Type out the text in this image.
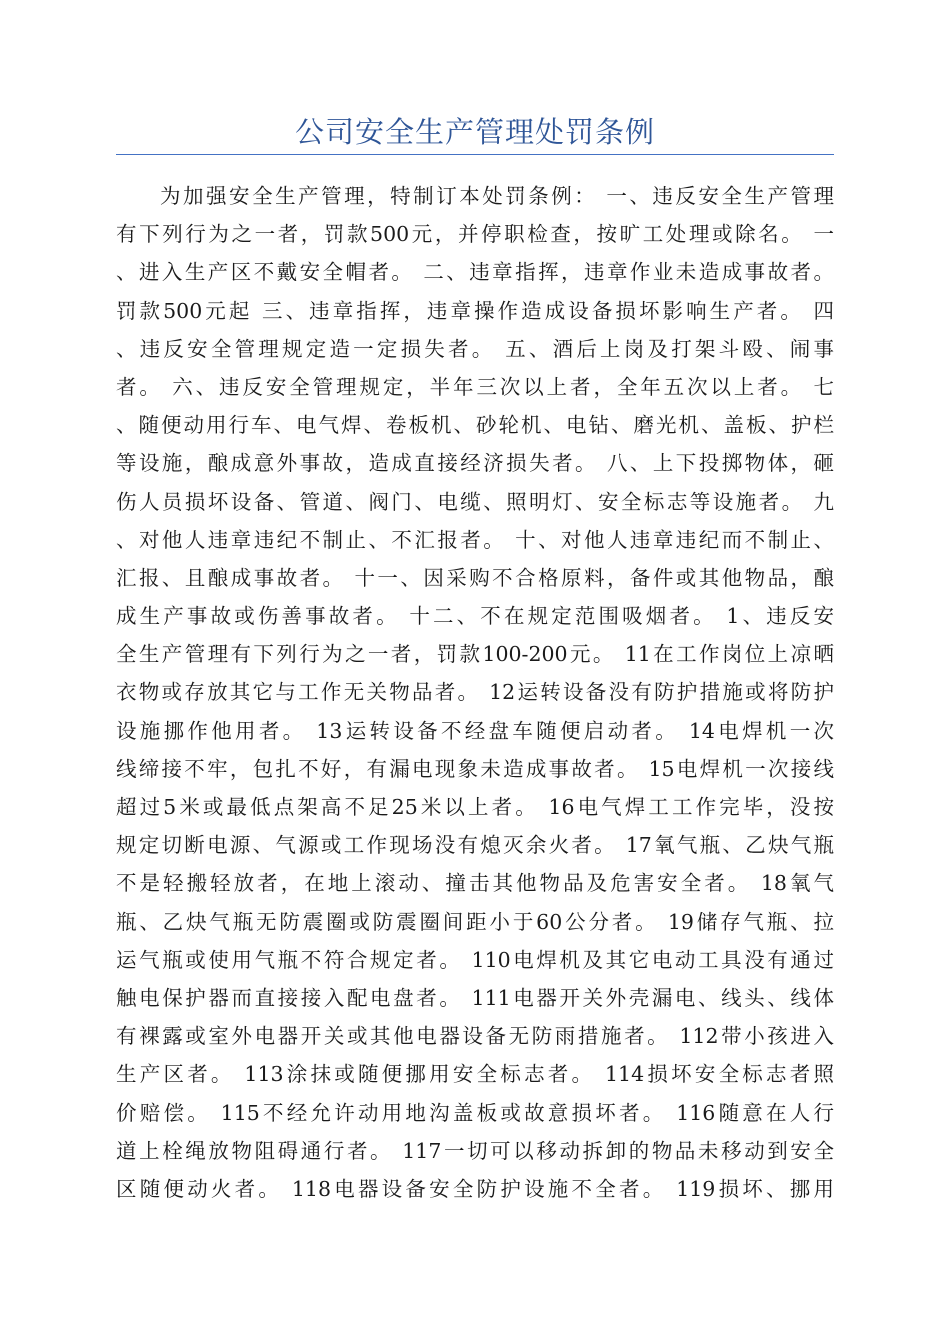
公司安全生产管理处罚条例
为加强安全生产管理，特制订本处罚条例： 一、违反安全生产管理
有下列行为之一者，罚款500元，并停职检查，按旷工处理或除名。 一
、进入生产区不戴安全帽者。 二、违章指挥，违章作业未造成事故者。
罚款500元起 三、违章指挥，违章操作造成设备损坏影响生产者。 四
、违反安全管理规定造一定损失者。 五、酒后上岗及打架斗殴、闹事
者。 六、违反安全管理规定，半年三次以上者，全年五次以上者。 七
、随便动用行车、电气焊、卷板机、砂轮机、电钻、磨光机、盖板、护栏
等设施，酿成意外事故，造成直接经济损失者。 八、上下投掷物体，砸
伤人员损坏设备、管道、阀门、电缆、照明灯、安全标志等设施者。 九
、对他人违章违纪不制止、不汇报者。 十、对他人违章违纪而不制止、
汇报、且酿成事故者。 十一、因采购不合格原料，备件或其他物品，酿
成生产事故或伤善事故者。 十二、不在规定范围吸烟者。 1、违反安
全生产管理有下列行为之一者，罚款100-200元。 11在工作岗位上凉晒
衣物或存放其它与工作无关物品者。 12运转设备没有防护措施或将防护
设施挪作他用者。 13运转设备不经盘车随便启动者。 14电焊机一次
线缔接不牢，包扎不好，有漏电现象未造成事故者。 15电焊机一次接线
超过5米或最低点架高不足25米以上者。 16电气焊工工作完毕，没按
规定切断电源、气源或工作现场没有熄灭余火者。 17氧气瓶、乙炔气瓶
不是轻搬轻放者，在地上滚动、撞击其他物品及危害安全者。 18氧气
瓶、乙炔气瓶无防震圈或防震圈间距小于60公分者。 19储存气瓶、拉
运气瓶或使用气瓶不符合规定者。 110电焊机及其它电动工具没有通过
触电保护器而直接接入配电盘者。 111电器开关外壳漏电、线头、线体
有裸露或室外电器开关或其他电器设备无防雨措施者。 112带小孩进入
生产区者。 113涂抹或随便挪用安全标志者。 114损坏安全标志者照
价赔偿。 115不经允许动用地沟盖板或故意损坏者。 116随意在人行
道上栓绳放物阻碍通行者。 117一切可以移动拆卸的物品未移动到安全
区随便动火者。 118电器设备安全防护设施不全者。 119损坏、挪用
